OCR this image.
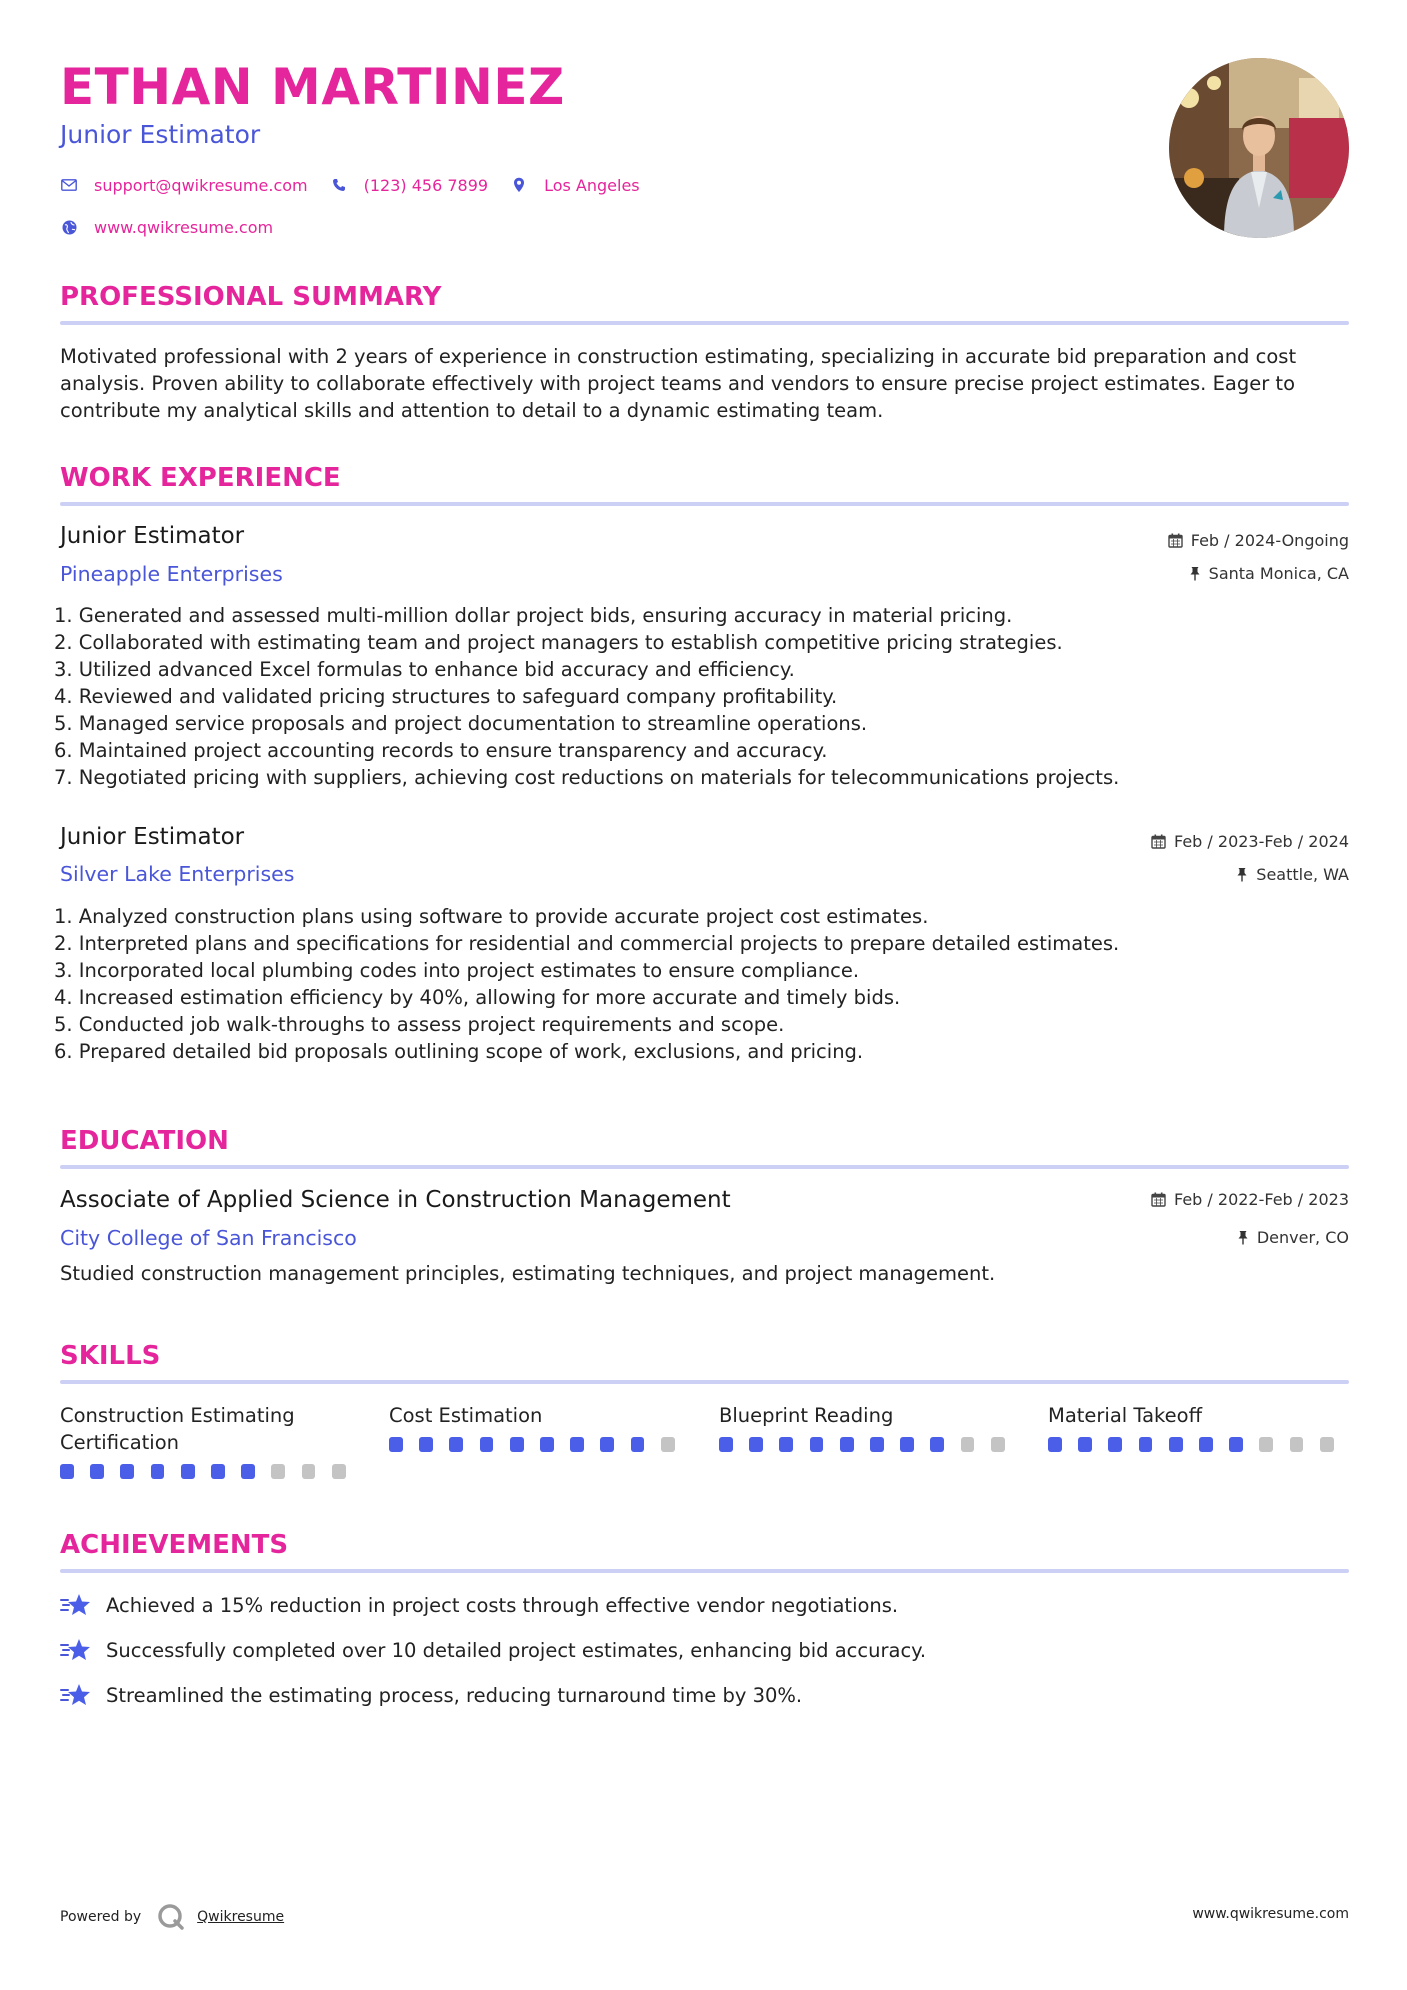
ETHAN MARTINEZ
Junior Estimator
support@qwikresume.com	(123) 456 7899	Los Angeles
www.qwikresume.com
PROFESSIONAL SUMMARY
Motivated professional with 2 years of experience in construction estimating, specializing in accurate bid preparation and cost analysis. Proven ability to collaborate effectively with project teams and vendors to ensure precise project estimates. Eager to contribute my analytical skills and attention to detail to a dynamic estimating team.
WORK EXPERIENCE
Junior Estimator
Pineapple Enterprises
Feb / 2024-Ongoing
Santa Monica, CA
1. Generated and assessed multi-million dollar project bids, ensuring accuracy in material pricing.
2. Collaborated with estimating team and project managers to establish competitive pricing strategies.
3. Utilized advanced Excel formulas to enhance bid accuracy and efficiency.
4. Reviewed and validated pricing structures to safeguard company profitability.
5. Managed service proposals and project documentation to streamline operations.
6. Maintained project accounting records to ensure transparency and accuracy.
7. Negotiated pricing with suppliers, achieving cost reductions on materials for telecommunications projects.
Junior Estimator
Silver Lake Enterprises
Feb / 2023-Feb / 2024
Seattle, WA
1. Analyzed construction plans using software to provide accurate project cost estimates.
2. Interpreted plans and specifications for residential and commercial projects to prepare detailed estimates.
3. Incorporated local plumbing codes into project estimates to ensure compliance.
4. Increased estimation efficiency by 40%, allowing for more accurate and timely bids.
5. Conducted job walk-throughs to assess project requirements and scope.
6. Prepared detailed bid proposals outlining scope of work, exclusions, and pricing.
EDUCATION
Associate of Applied Science in Construction Management
City College of San Francisco
Feb / 2022-Feb / 2023
Denver, CO
Studied construction management principles, estimating techniques, and project management.
SKILLS
Construction Estimating Certification
Cost Estimation	Blueprint Reading	Material Takeoff
ACHIEVEMENTS
Achieved a 15% reduction in project costs through effective vendor negotiations.
Successfully completed over 10 detailed project estimates, enhancing bid accuracy.
Streamlined the estimating process, reducing turnaround time by 30%.
Powered by	Qwikresume	www.qwikresume.com
